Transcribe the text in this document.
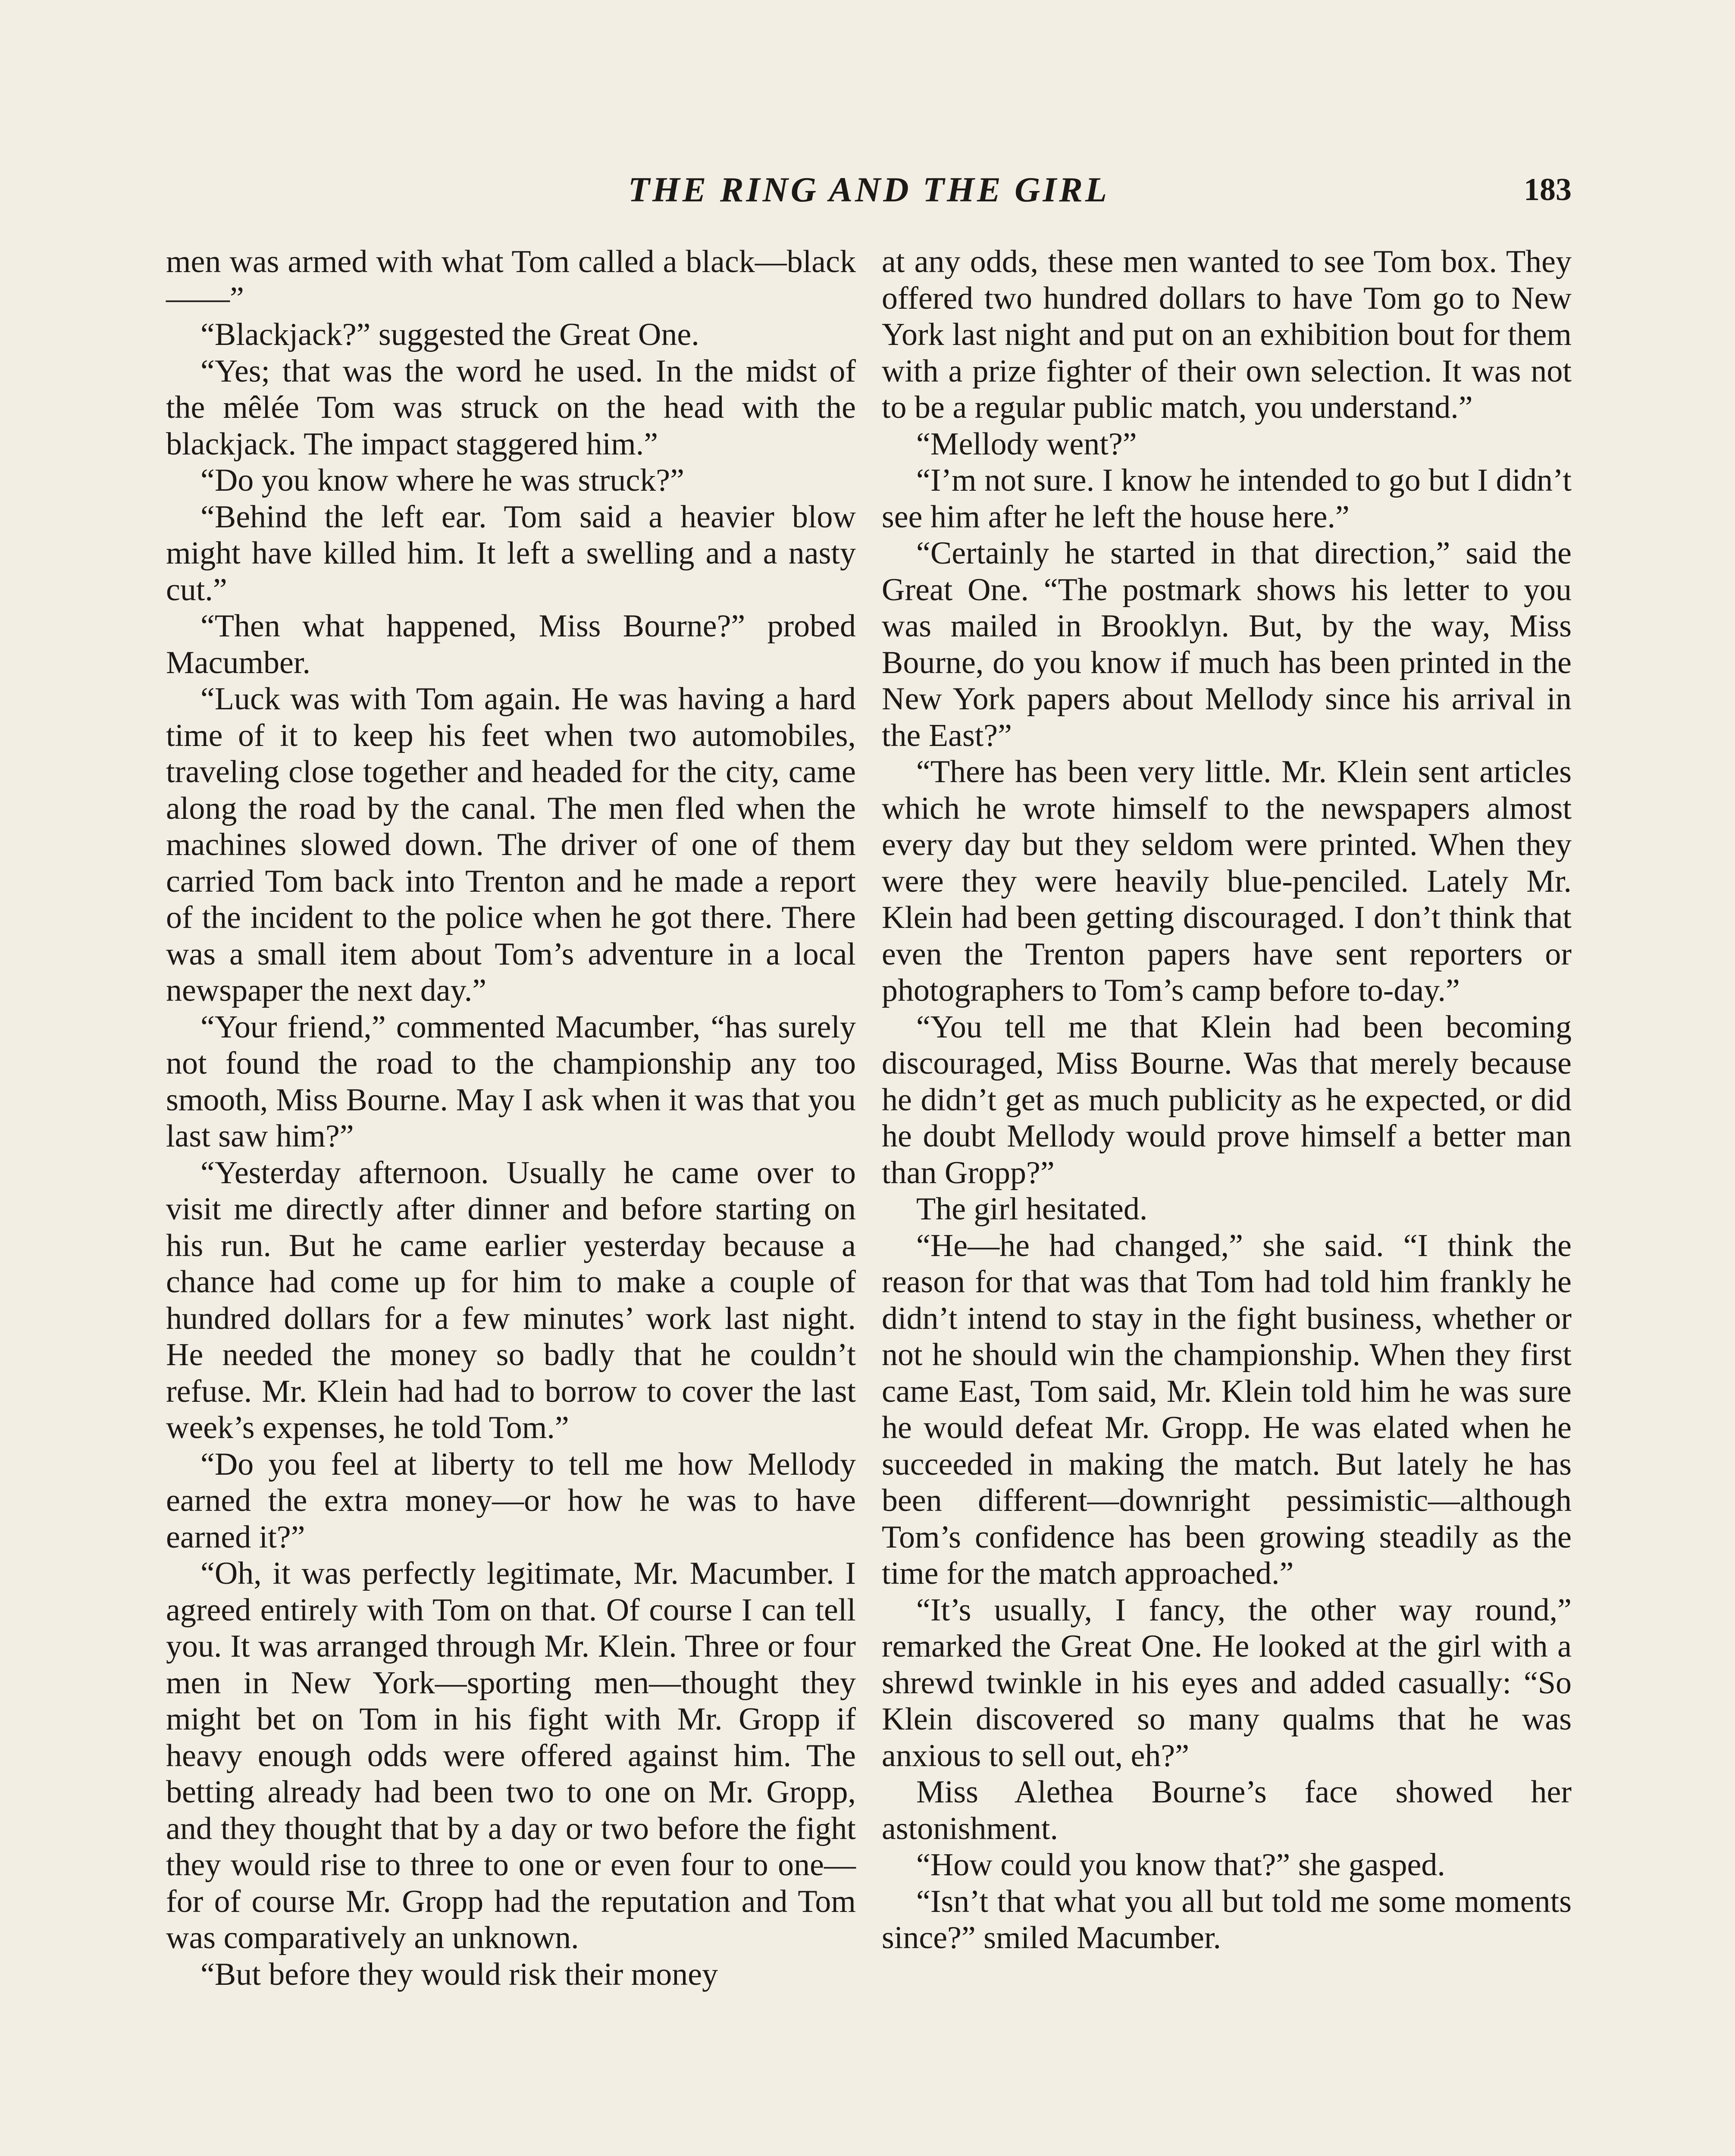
THE RING AND THE GIRL	183

men was armed with what Tom called a black—black——”

“Blackjack?” suggested the Great One.

“Yes; that was the word he used. In the midst of the mêlée Tom was struck on the head with the blackjack. The impact staggered him.”

“Do you know where he was struck?”

“Behind the left ear. Tom said a heavier blow might have killed him. It left a swelling and a nasty cut.”

“Then what happened, Miss Bourne?” probed Macumber.

“Luck was with Tom again. He was having a hard time of it to keep his feet when two automobiles, traveling close together and headed for the city, came along the road by the canal. The men fled when the machines slowed down. The driver of one of them carried Tom back into Trenton and he made a report of the incident to the police when he got there. There was a small item about Tom’s adventure in a local newspaper the next day.”

“Your friend,” commented Macumber, “has surely not found the road to the championship any too smooth, Miss Bourne. May I ask when it was that you last saw him?”

“Yesterday afternoon. Usually he came over to visit me directly after dinner and before starting on his run. But he came earlier yesterday because a chance had come up for him to make a couple of hundred dollars for a few minutes’ work last night. He needed the money so badly that he couldn’t refuse. Mr. Klein had had to borrow to cover the last week’s expenses, he told Tom.”

“Do you feel at liberty to tell me how Mellody earned the extra money—or how he was to have earned it?”

“Oh, it was perfectly legitimate, Mr. Macumber. I agreed entirely with Tom on that. Of course I can tell you. It was arranged through Mr. Klein. Three or four men in New York—sporting men—thought they might bet on Tom in his fight with Mr. Gropp if heavy enough odds were offered against him. The betting already had been two to one on Mr. Gropp, and they thought that by a day or two before the fight they would rise to three to one or even four to one—for of course Mr. Gropp had the reputation and Tom was comparatively an unknown.

“But before they would risk their money

at any odds, these men wanted to see Tom box. They offered two hundred dollars to have Tom go to New York last night and put on an exhibition bout for them with a prize fighter of their own selection. It was not to be a regular public match, you understand.”

“Mellody went?”

“I’m not sure. I know he intended to go but I didn’t see him after he left the house here.”

“Certainly he started in that direction,” said the Great One. “The postmark shows his letter to you was mailed in Brooklyn. But, by the way, Miss Bourne, do you know if much has been printed in the New York papers about Mellody since his arrival in the East?”

“There has been very little. Mr. Klein sent articles which he wrote himself to the newspapers almost every day but they seldom were printed. When they were they were heavily blue-penciled. Lately Mr. Klein had been getting discouraged. I don’t think that even the Trenton papers have sent reporters or photographers to Tom’s camp before to-day.”

“You tell me that Klein had been becoming discouraged, Miss Bourne. Was that merely because he didn’t get as much publicity as he expected, or did he doubt Mellody would prove himself a better man than Gropp?”

The girl hesitated.

“He—he had changed,” she said. “I think the reason for that was that Tom had told him frankly he didn’t intend to stay in the fight business, whether or not he should win the championship. When they first came East, Tom said, Mr. Klein told him he was sure he would defeat Mr. Gropp. He was elated when he succeeded in making the match. But lately he has been different—downright pessimistic—although Tom’s confidence has been growing steadily as the time for the match approached.”

“It’s usually, I fancy, the other way round,” remarked the Great One. He looked at the girl with a shrewd twinkle in his eyes and added casually: “So Klein discovered so many qualms that he was anxious to sell out, eh?”

Miss Alethea Bourne’s face showed her astonishment.

“How could you know that?” she gasped.

“Isn’t that what you all but told me some moments since?” smiled Macumber.
